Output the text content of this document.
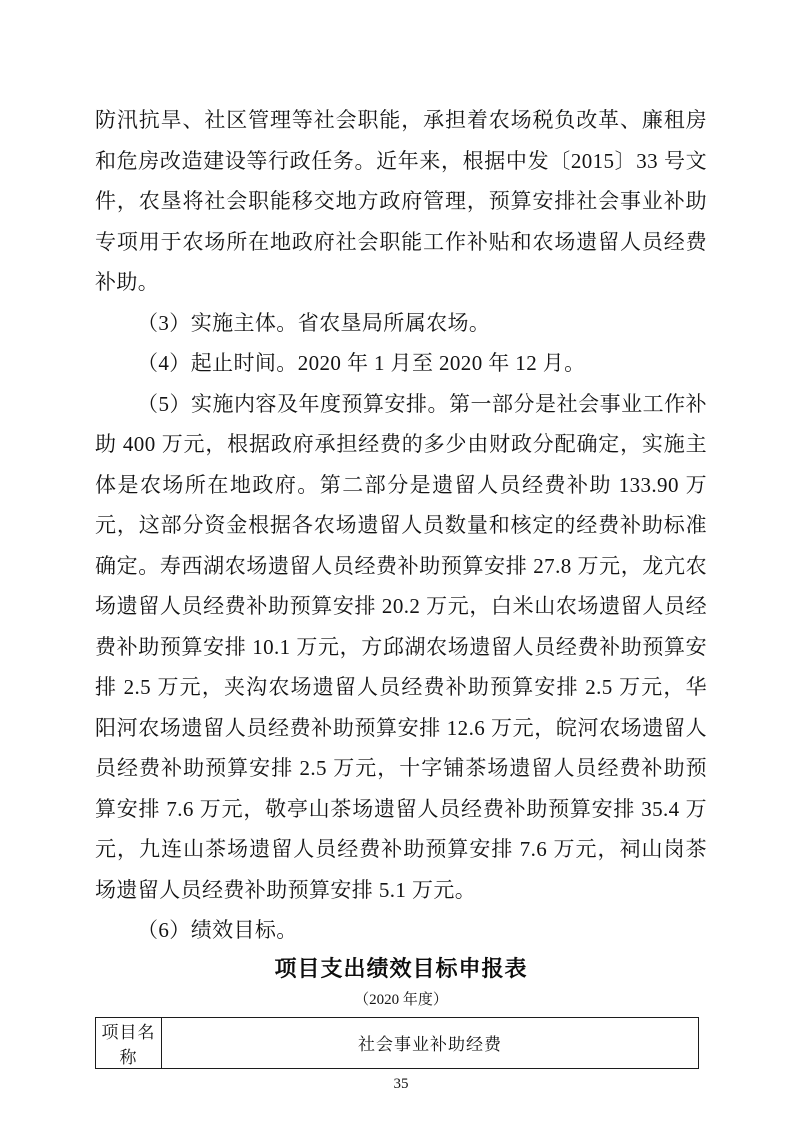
防汛抗旱、社区管理等社会职能，承担着农场税负改革、廉租房和危房改造建设等行政任务。近年来，根据中发〔2015〕33 号文件，农垦将社会职能移交地方政府管理，预算安排社会事业补助专项用于农场所在地政府社会职能工作补贴和农场遗留人员经费补助。

（3）实施主体。省农垦局所属农场。

（4）起止时间。2020 年 1 月至 2020 年 12 月。

（5）实施内容及年度预算安排。第一部分是社会事业工作补助 400 万元，根据政府承担经费的多少由财政分配确定，实施主体是农场所在地政府。第二部分是遗留人员经费补助 133.90 万元，这部分资金根据各农场遗留人员数量和核定的经费补助标准确定。寿西湖农场遗留人员经费补助预算安排 27.8 万元，龙亢农场遗留人员经费补助预算安排 20.2 万元，白米山农场遗留人员经费补助预算安排 10.1 万元，方邱湖农场遗留人员经费补助预算安排 2.5 万元，夹沟农场遗留人员经费补助预算安排 2.5 万元，华阳河农场遗留人员经费补助预算安排 12.6 万元，皖河农场遗留人员经费补助预算安排 2.5 万元，十字铺茶场遗留人员经费补助预算安排 7.6 万元，敬亭山茶场遗留人员经费补助预算安排 35.4 万元，九连山茶场遗留人员经费补助预算安排 7.6 万元，祠山岗茶场遗留人员经费补助预算安排 5.1 万元。

（6）绩效目标。

项目支出绩效目标申报表
（2020 年度）
项目名称	社会事业补助经费
35
